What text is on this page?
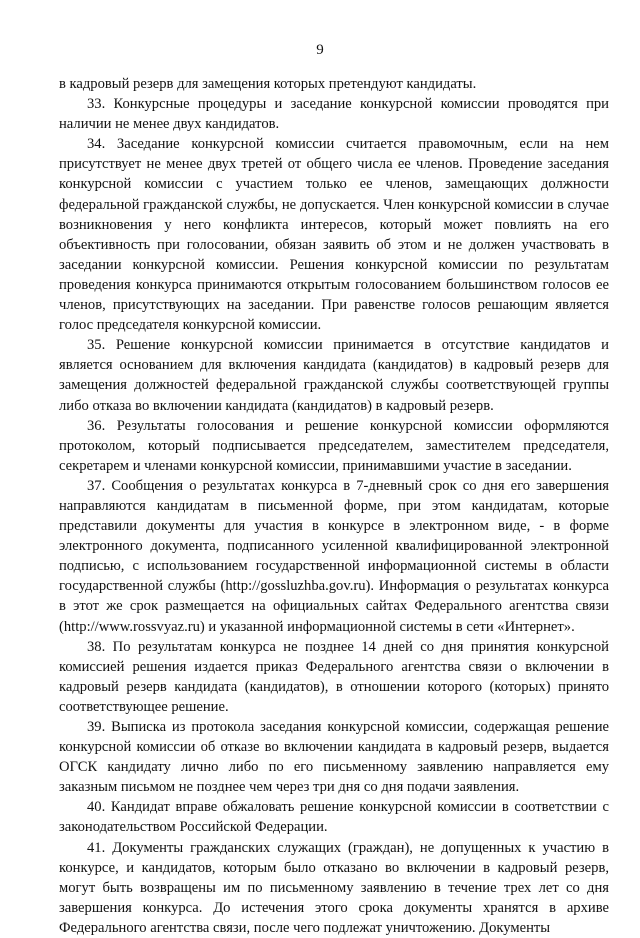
9

в кадровый резерв для замещения которых претендуют кандидаты.

33. Конкурсные процедуры и заседание конкурсной комиссии проводятся при наличии не менее двух кандидатов.

34. Заседание конкурсной комиссии считается правомочным, если на нем присутствует не менее двух третей от общего числа ее членов. Проведение заседания конкурсной комиссии с участием только ее членов, замещающих должности федеральной гражданской службы, не допускается. Член конкурсной комиссии в случае возникновения у него конфликта интересов, который может повлиять на его объективность при голосовании, обязан заявить об этом и не должен участвовать в заседании конкурсной комиссии. Решения конкурсной комиссии по результатам проведения конкурса принимаются открытым голосованием большинством голосов ее членов, присутствующих на заседании. При равенстве голосов решающим является голос председателя конкурсной комиссии.

35. Решение конкурсной комиссии принимается в отсутствие кандидатов и является основанием для включения кандидата (кандидатов) в кадровый резерв для замещения должностей федеральной гражданской службы соответствующей группы либо отказа во включении кандидата (кандидатов) в кадровый резерв.

36. Результаты голосования и решение конкурсной комиссии оформляются протоколом, который подписывается председателем, заместителем председателя, секретарем и членами конкурсной комиссии, принимавшими участие в заседании.

37. Сообщения о результатах конкурса в 7-дневный срок со дня его завершения направляются кандидатам в письменной форме, при этом кандидатам, которые представили документы для участия в конкурсе в электронном виде, - в форме электронного документа, подписанного усиленной квалифицированной электронной подписью, с использованием государственной информационной системы в области государственной службы (http://gossluzhba.gov.ru). Информация о результатах конкурса в этот же срок размещается на официальных сайтах Федерального агентства связи (http://www.rossvyaz.ru) и указанной информационной системы в сети «Интернет».

38. По результатам конкурса не позднее 14 дней со дня принятия конкурсной комиссией решения издается приказ Федерального агентства связи о включении в кадровый резерв кандидата (кандидатов), в отношении которого (которых) принято соответствующее решение.

39. Выписка из протокола заседания конкурсной комиссии, содержащая решение конкурсной комиссии об отказе во включении кандидата в кадровый резерв, выдается ОГСК кандидату лично либо по его письменному заявлению направляется ему заказным письмом не позднее чем через три дня со дня подачи заявления.

40. Кандидат вправе обжаловать решение конкурсной комиссии в соответствии с законодательством Российской Федерации.

41. Документы гражданских служащих (граждан), не допущенных к участию в конкурсе, и кандидатов, которым было отказано во включении в кадровый резерв, могут быть возвращены им по письменному заявлению в течение трех лет со дня завершения конкурса. До истечения этого срока документы хранятся в архиве Федерального агентства связи, после чего подлежат уничтожению. Документы
